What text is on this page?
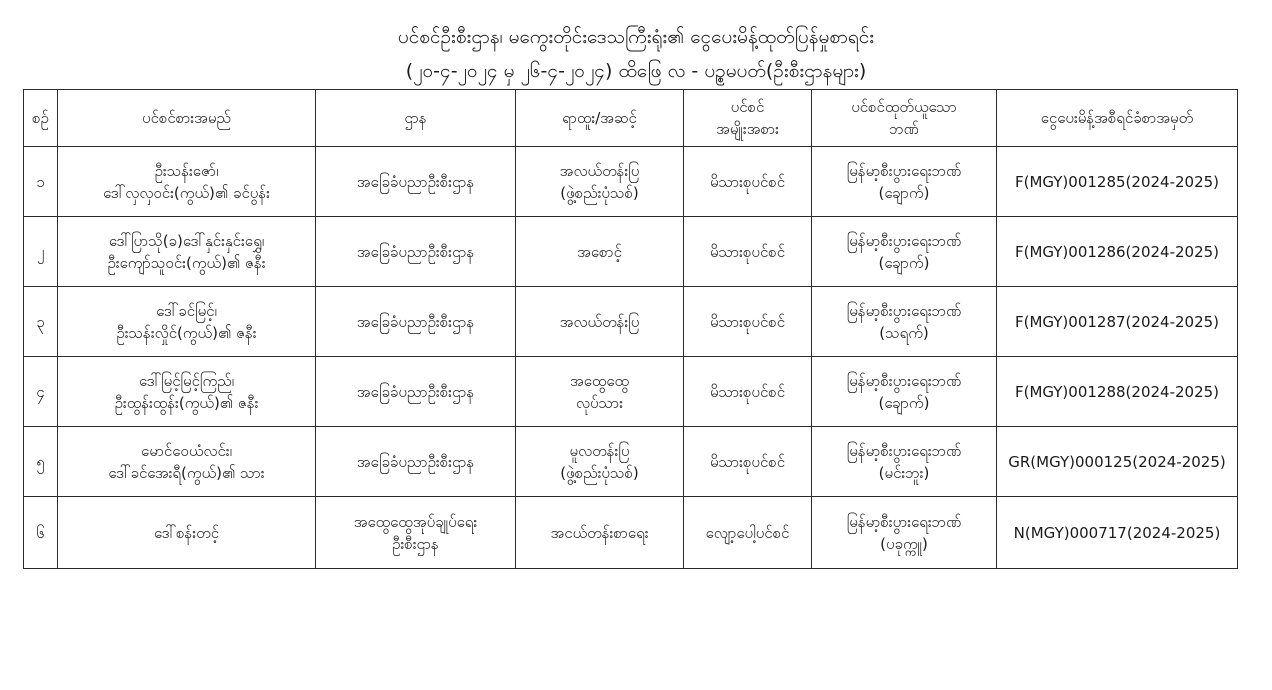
ပင်စင်ဦးစီးဌာန၊ မကွေးတိုင်းဒေသကြီးရုံး၏ ငွေပေးမိန့်ထုတ်ပြန်မှုစာရင်း
(၂၀-၄-၂၀၂၄ မှ ၂၆-၄-၂၀၂၄) ထိဖြေ လ - ပဉ္စမပတ်(ဦးစီးဌာနများ)
စဉ်	ပင်စင်စားအမည်	ဌာန	ရာထူး/အဆင့်	ပင်စင်
အမျိုးအစား	ပင်စင်ထုတ်ယူသော
ဘဏ်	ငွေပေးမိန့်အစီရင်ခံစာအမှတ်
၁	ဦးသန်းဇော်၊
ဒေါ်လှလှဝင်း(ကွယ်)၏ ခင်ပွန်း	အခြေခံပညာဦးစီးဌာန	အလယ်တန်းပြ
(ဖွဲ့စည်းပုံသစ်)	မိသားစုပင်စင်	မြန်မာ့စီးပွားရေးဘဏ်
(ချောက်)	F(MGY)001285(2024-2025)
၂	ဒေါ်ပြာသို(ခ)ဒေါ်နှင်းနှင်းရွှေ၊
ဦးကျော်သူဝင်း(ကွယ်)၏ ဇနီး	အခြေခံပညာဦးစီးဌာန	အစောင့်	မိသားစုပင်စင်	မြန်မာ့စီးပွားရေးဘဏ်
(ချောက်)	F(MGY)001286(2024-2025)
၃	ဒေါ်ခင်မြင့်၊
ဦးသန်းလှိုင်(ကွယ်)၏ ဇနီး	အခြေခံပညာဦးစီးဌာန	အလယ်တန်းပြ	မိသားစုပင်စင်	မြန်မာ့စီးပွားရေးဘဏ်
(သရက်)	F(MGY)001287(2024-2025)
၄	ဒေါ်မြင့်မြင့်ကြည်၊
ဦးထွန်းထွန်း(ကွယ်)၏ ဇနီး	အခြေခံပညာဦးစီးဌာန	အထွေထွေ
လုပ်သား	မိသားစုပင်စင်	မြန်မာ့စီးပွားရေးဘဏ်
(ချောက်)	F(MGY)001288(2024-2025)
၅	မောင်ဝေယံလင်း၊
ဒေါ်ခင်အေးရီ(ကွယ်)၏ သား	အခြေခံပညာဦးစီးဌာန	မူလတန်းပြ
(ဖွဲ့စည်းပုံသစ်)	မိသားစုပင်စင်	မြန်မာ့စီးပွားရေးဘဏ်
(မင်းဘူး)	GR(MGY)000125(2024-2025)
၆	ဒေါ်စန်းတင့်	အထွေထွေအုပ်ချုပ်ရေး
ဦးစီးဌာန	အငယ်တန်းစာရေး	လျော့ပေါ့ပင်စင်	မြန်မာ့စီးပွားရေးဘဏ်
(ပခုက္ကူ)	N(MGY)000717(2024-2025)
